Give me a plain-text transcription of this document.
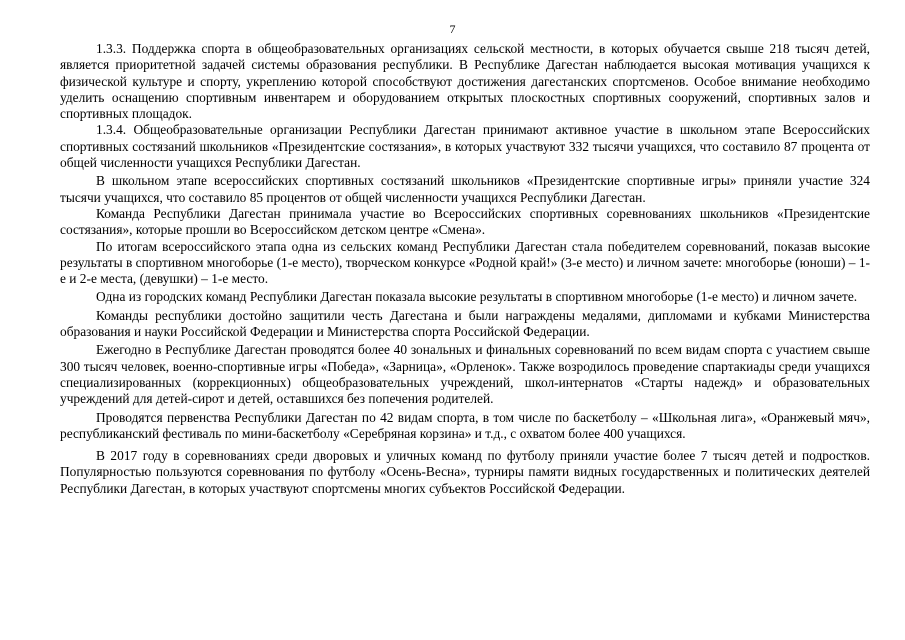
7

1.3.3. Поддержка спорта в общеобразовательных организациях сельской местности, в которых обучается свыше 218 тысяч детей, является приоритетной задачей системы образования республики. В Республике Дагестан наблюдается высокая мотивация учащихся к физической культуре и спорту, укреплению которой способствуют достижения дагестанских спортсменов. Особое внимание необходимо уделить оснащению спортивным инвентарем и оборудованием открытых плоскостных спортивных сооружений, спортивных залов и спортивных площадок.

1.3.4. Общеобразовательные организации Республики Дагестан принимают активное участие в школьном этапе Всероссийских спортивных состязаний школьников «Президентские состязания», в которых участвуют 332 тысячи учащихся, что составило 87 процента от общей численности учащихся Республики Дагестан.

В школьном этапе всероссийских спортивных состязаний школьников «Президентские спортивные игры» приняли участие 324 тысячи учащихся, что составило 85 процентов от общей численности учащихся Республики Дагестан.

Команда Республики Дагестан принимала участие во Всероссийских спортивных соревнованиях школьников «Президентские состязания», которые прошли во Всероссийском детском центре «Смена».

По итогам всероссийского этапа одна из сельских команд Республики Дагестан стала победителем соревнований, показав высокие результаты в спортивном многоборье (1-е место), творческом конкурсе «Родной край!» (3-е место) и личном зачете: многоборье (юноши) – 1-е и 2-е места, (девушки) – 1-е место.

Одна из городских команд Республики Дагестан показала высокие результаты в спортивном многоборье (1-е место) и личном зачете.

Команды республики достойно защитили честь Дагестана и были награждены медалями, дипломами и кубками Министерства образования и науки Российской Федерации и Министерства спорта Российской Федерации.

Ежегодно в Республике Дагестан проводятся более 40 зональных и финальных соревнований по всем видам спорта с участием свыше 300 тысяч человек, военно-спортивные игры «Победа», «Зарница», «Орленок». Также возродилось проведение спартакиады среди учащихся специализированных (коррекционных) общеобразовательных учреждений, школ-интернатов «Старты надежд» и образовательных учреждений для детей-сирот и детей, оставшихся без попечения родителей.

Проводятся первенства Республики Дагестан по 42 видам спорта, в том числе по баскетболу – «Школьная лига», «Оранжевый мяч», республиканский фестиваль по мини-баскетболу «Серебряная корзина» и т.д., с охватом более 400 учащихся.

В 2017 году в соревнованиях среди дворовых и уличных команд по футболу приняли участие более 7 тысяч детей и подростков. Популярностью пользуются соревнования по футболу «Осень-Весна», турниры памяти видных государственных и политических деятелей Республики Дагестан, в которых участвуют спортсмены многих субъектов Российской Федерации.
